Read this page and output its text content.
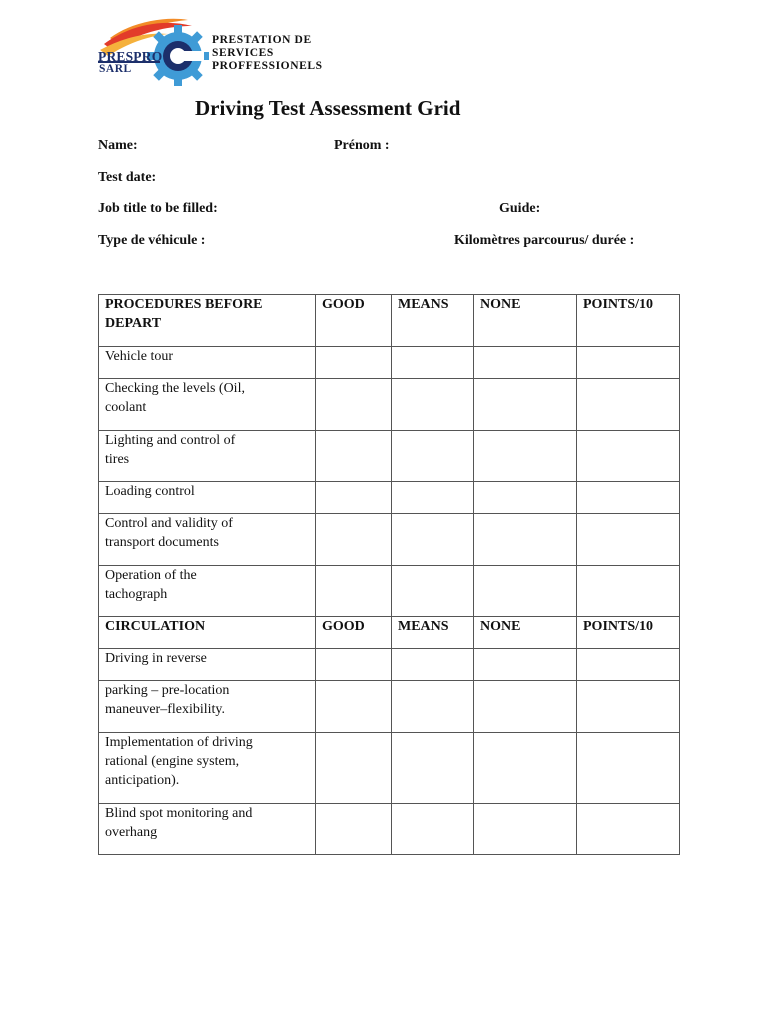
PRESPRO
SARL
PRESTATION DE
SERVICES
PROFFESSIONELS
Driving Test Assessment Grid
Name:	Prénom :
Test date:
Job title to be filled:	Guide:
Type de véhicule :	Kilomètres parcourus/ durée :
PROCEDURES BEFORE
DEPART	GOOD	MEANS	NONE	POINTS/10

Vehicle tour				

Checking the levels (Oil,
coolant				

Lighting and control of
tires				

Loading control				

Control and validity of
transport documents				

Operation of the
tachograph				

CIRCULATION	GOOD	MEANS	NONE	POINTS/10

Driving in reverse				

parking – pre-location
maneuver–flexibility.				

Implementation of driving
rational (engine system,
anticipation).				

Blind spot monitoring and
overhang				
